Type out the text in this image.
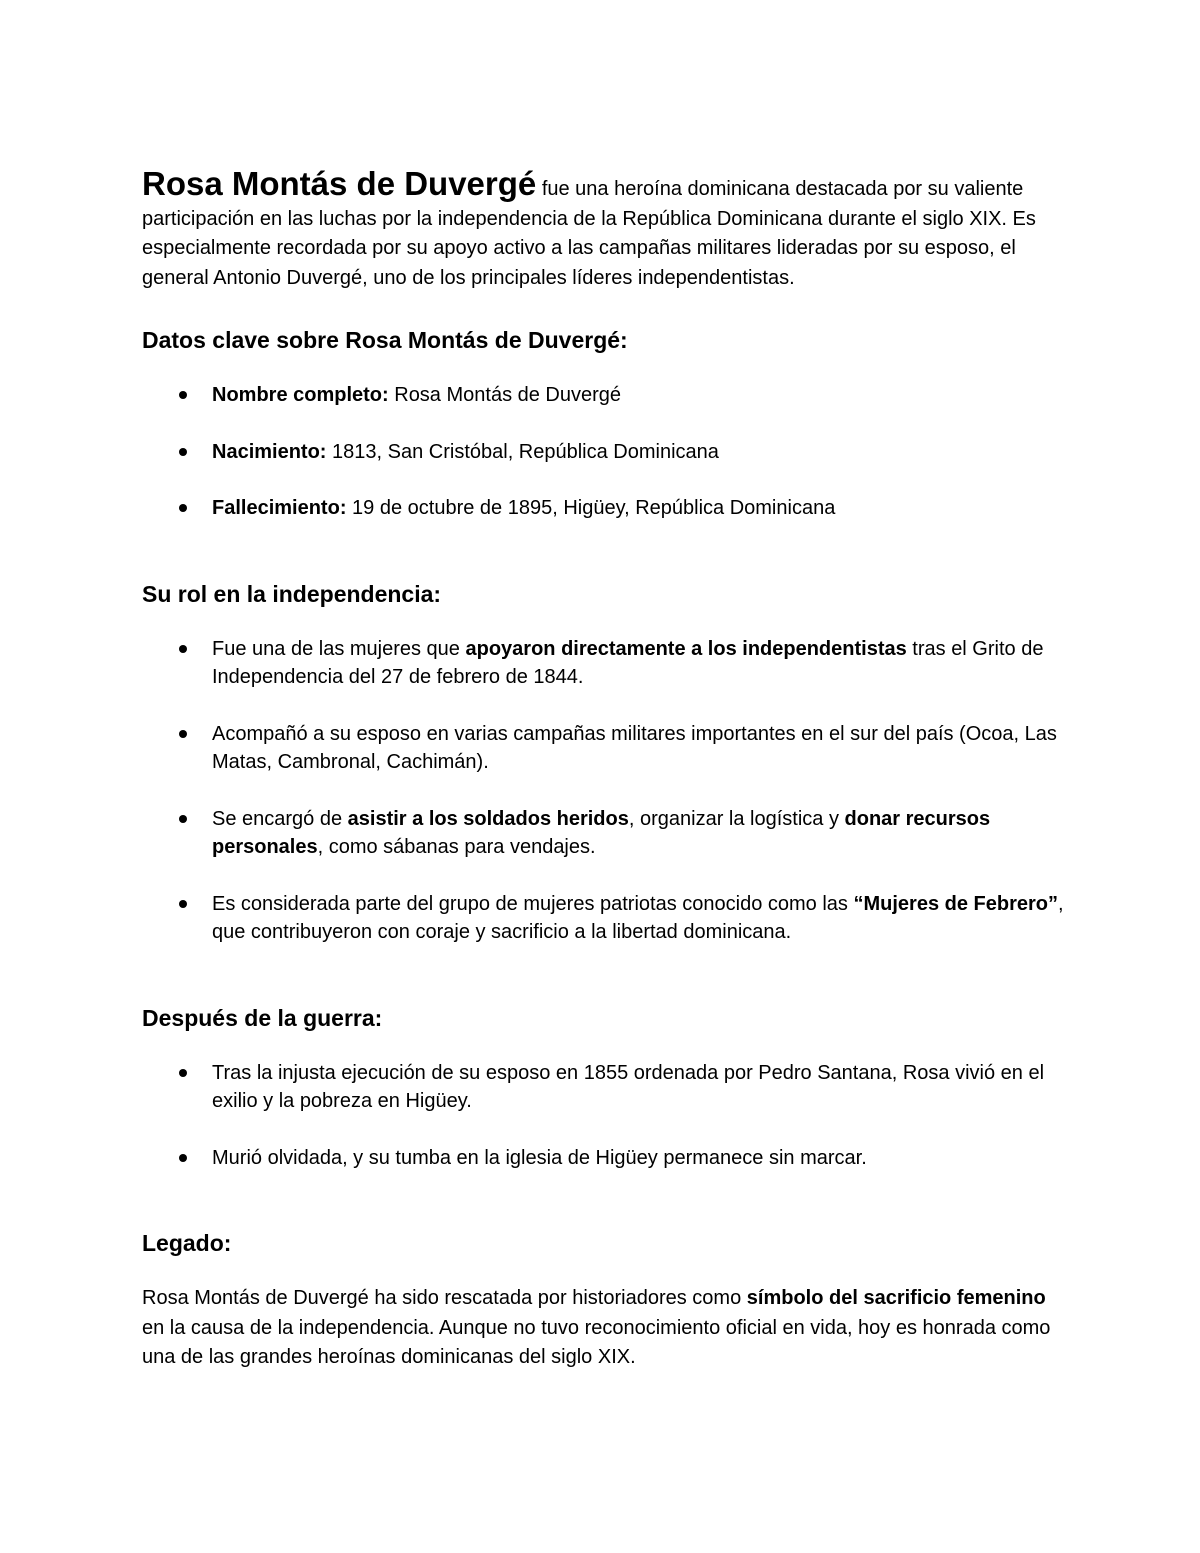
Rosa Montás de Duvergé fue una heroína dominicana destacada por su valiente participación en las luchas por la independencia de la República Dominicana durante el siglo XIX. Es especialmente recordada por su apoyo activo a las campañas militares lideradas por su esposo, el general Antonio Duvergé, uno de los principales líderes independentistas.

Datos clave sobre Rosa Montás de Duvergé:
Nombre completo: Rosa Montás de Duvergé
Nacimiento: 1813, San Cristóbal, República Dominicana
Fallecimiento: 19 de octubre de 1895, Higüey, República Dominicana
Su rol en la independencia:
Fue una de las mujeres que apoyaron directamente a los independentistas tras el Grito de Independencia del 27 de febrero de 1844.
Acompañó a su esposo en varias campañas militares importantes en el sur del país (Ocoa, Las Matas, Cambronal, Cachimán).
Se encargó de asistir a los soldados heridos, organizar la logística y donar recursos personales, como sábanas para vendajes.
Es considerada parte del grupo de mujeres patriotas conocido como las “Mujeres de Febrero”, que contribuyeron con coraje y sacrificio a la libertad dominicana.
Después de la guerra:
Tras la injusta ejecución de su esposo en 1855 ordenada por Pedro Santana, Rosa vivió en el exilio y la pobreza en Higüey.
Murió olvidada, y su tumba en la iglesia de Higüey permanece sin marcar.
Legado:

Rosa Montás de Duvergé ha sido rescatada por historiadores como símbolo del sacrificio femenino en la causa de la independencia. Aunque no tuvo reconocimiento oficial en vida, hoy es honrada como una de las grandes heroínas dominicanas del siglo XIX.
